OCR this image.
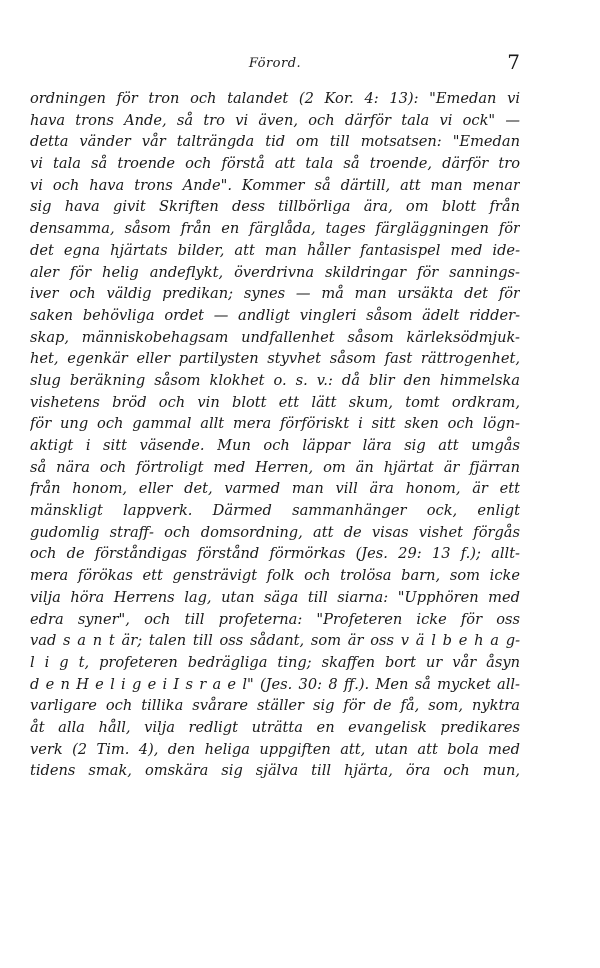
Förord.	7
ordningen för tron och talandet (2 Kor. 4: 13): "Emedan vi
hava trons Ande, så tro vi även, och därför tala vi ock" —
detta vänder vår talträngda tid om till motsatsen: "Emedan
vi tala så troende och förstå att tala så troende, därför tro
vi och hava trons Ande". Kommer så därtill, att man menar
sig hava givit Skriften dess tillbörliga ära, om blott från
densamma, såsom från en färglåda, tages färgläggningen för
det egna hjärtats bilder, att man håller fantasispel med ide-
aler för helig andeflykt, överdrivna skildringar för sannings-
iver och väldig predikan; synes — må man ursäkta det för
saken behövliga ordet — andligt vingleri såsom ädelt ridder-
skap, människobehagsam undfallenhet såsom kärleksödmjuk-
het, egenkär eller partilysten styvhet såsom fast rättrogenhet,
slug beräkning såsom klokhet o. s. v.: då blir den himmelska
vishetens bröd och vin blott ett lätt skum, tomt ordkram,
för ung och gammal allt mera förföriskt i sitt sken och lögn-
aktigt i sitt väsende. Mun och läppar lära sig att umgås
så nära och förtroligt med Herren, om än hjärtat är fjärran
från honom, eller det, varmed man vill ära honom, är ett
mänskligt lappverk. Därmed sammanhänger ock, enligt
gudomlig straff- och domsordning, att de visas vishet förgås
och de förståndigas förstånd förmörkas (Jes. 29: 13 f.); allt-
mera förökas ett gensträvigt folk och trolösa barn, som icke
vilja höra Herrens lag, utan säga till siarna: "Upphören med
edra syner", och till profeterna: "Profeteren icke för oss
vad s a n t är; talen till oss sådant, som är oss v ä l b e h a g-
l i g t, profeteren bedrägliga ting; skaffen bort ur vår åsyn
d e n H e l i g e i I s r a e l" (Jes. 30: 8 ff.). Men så mycket all-
varligare och tillika svårare ställer sig för de få, som, nyktra
åt alla håll, vilja redligt uträtta en evangelisk predikares
verk (2 Tim. 4), den heliga uppgiften att, utan att bola med
tidens smak, omskära sig själva till hjärta, öra och mun,
